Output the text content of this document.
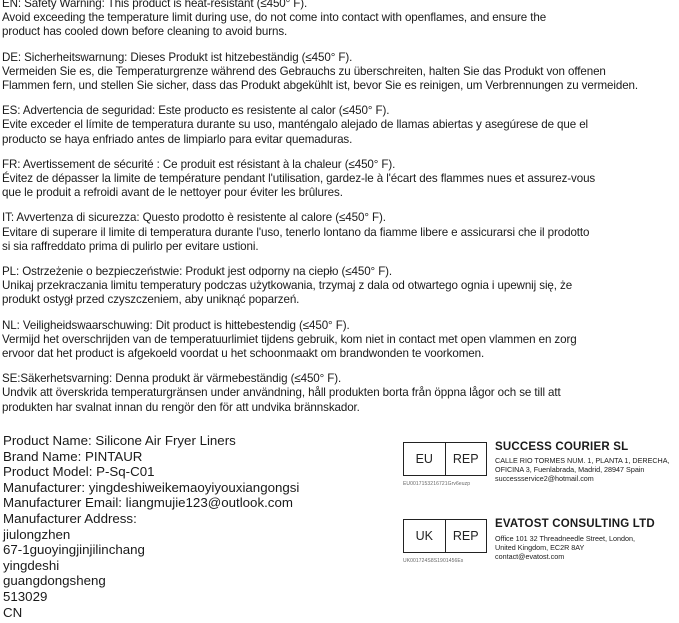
EN: Safety Warning: This product is heat-resistant (≤450° F).
Avoid exceeding the temperature limit during use, do not come into contact with openflames, and ensure the
product has cooled down before cleaning to avoid burns.
DE: Sicherheitswarnung: Dieses Produkt ist hitzebeständig (≤450° F).
Vermeiden Sie es, die Temperaturgrenze während des Gebrauchs zu überschreiten, halten Sie das Produkt von offenen
Flammen fern, und stellen Sie sicher, dass das Produkt abgekühlt ist, bevor Sie es reinigen, um Verbrennungen zu vermeiden.
ES: Advertencia de seguridad: Este producto es resistente al calor (≤450° F).
Evite exceder el límite de temperatura durante su uso, manténgalo alejado de llamas abiertas y asegúrese de que el
producto se haya enfriado antes de limpiarlo para evitar quemaduras.
FR: Avertissement de sécurité : Ce produit est résistant à la chaleur (≤450° F).
Évitez de dépasser la limite de température pendant l'utilisation, gardez-le à l'écart des flammes nues et assurez-vous
que le produit a refroidi avant de le nettoyer pour éviter les brûlures.
IT: Avvertenza di sicurezza: Questo prodotto è resistente al calore (≤450° F).
Evitare di superare il limite di temperatura durante l'uso, tenerlo lontano da fiamme libere e assicurarsi che il prodotto
si sia raffreddato prima di pulirlo per evitare ustioni.
PL: Ostrzeżenie o bezpieczeństwie: Produkt jest odporny na ciepło (≤450° F).
Unikaj przekraczania limitu temperatury podczas użytkowania, trzymaj z dala od otwartego ognia i upewnij się, że
produkt ostygł przed czyszczeniem, aby uniknąć poparzeń.
NL: Veiligheidswaarschuwing: Dit product is hittebestendig (≤450° F).
Vermijd het overschrijden van de temperatuurlimiet tijdens gebruik, kom niet in contact met open vlammen en zorg
ervoor dat het product is afgekoeld voordat u het schoonmaakt om brandwonden te voorkomen.
SE:Säkerhetsvarning: Denna produkt är värmebeständig (≤450° F).
Undvik att överskrida temperaturgränsen under användning, håll produkten borta från öppna lågor och se till att
produkten har svalnat innan du rengör den för att undvika brännskador.
Product Name: Silicone Air Fryer Liners
Brand Name: PINTAUR
Product Model: P-Sq-C01
Manufacturer: yingdeshiweikemaoyiyouxiangongsi
Manufacturer Email: liangmujie123@outlook.com
Manufacturer Address:
jiulongzhen
67-1guoyingjinjilinchang
yingdeshi
guangdongsheng
513029
CN
EU	REP
EU0017153216721Grv6euzp
SUCCESS COURIER SL
CALLE RIO TORMES NUM. 1, PLANTA 1, DERECHA,
OFICINA 3, Fuenlabrada, Madrid, 28947 Spain
successservice2@hotmail.com
UK	REP
UK001724S8S1901456Es
EVATOST CONSULTING LTD
Office 101 32 Threadneedle Street, London,
United Kingdom, EC2R 8AY
contact@evatost.com
